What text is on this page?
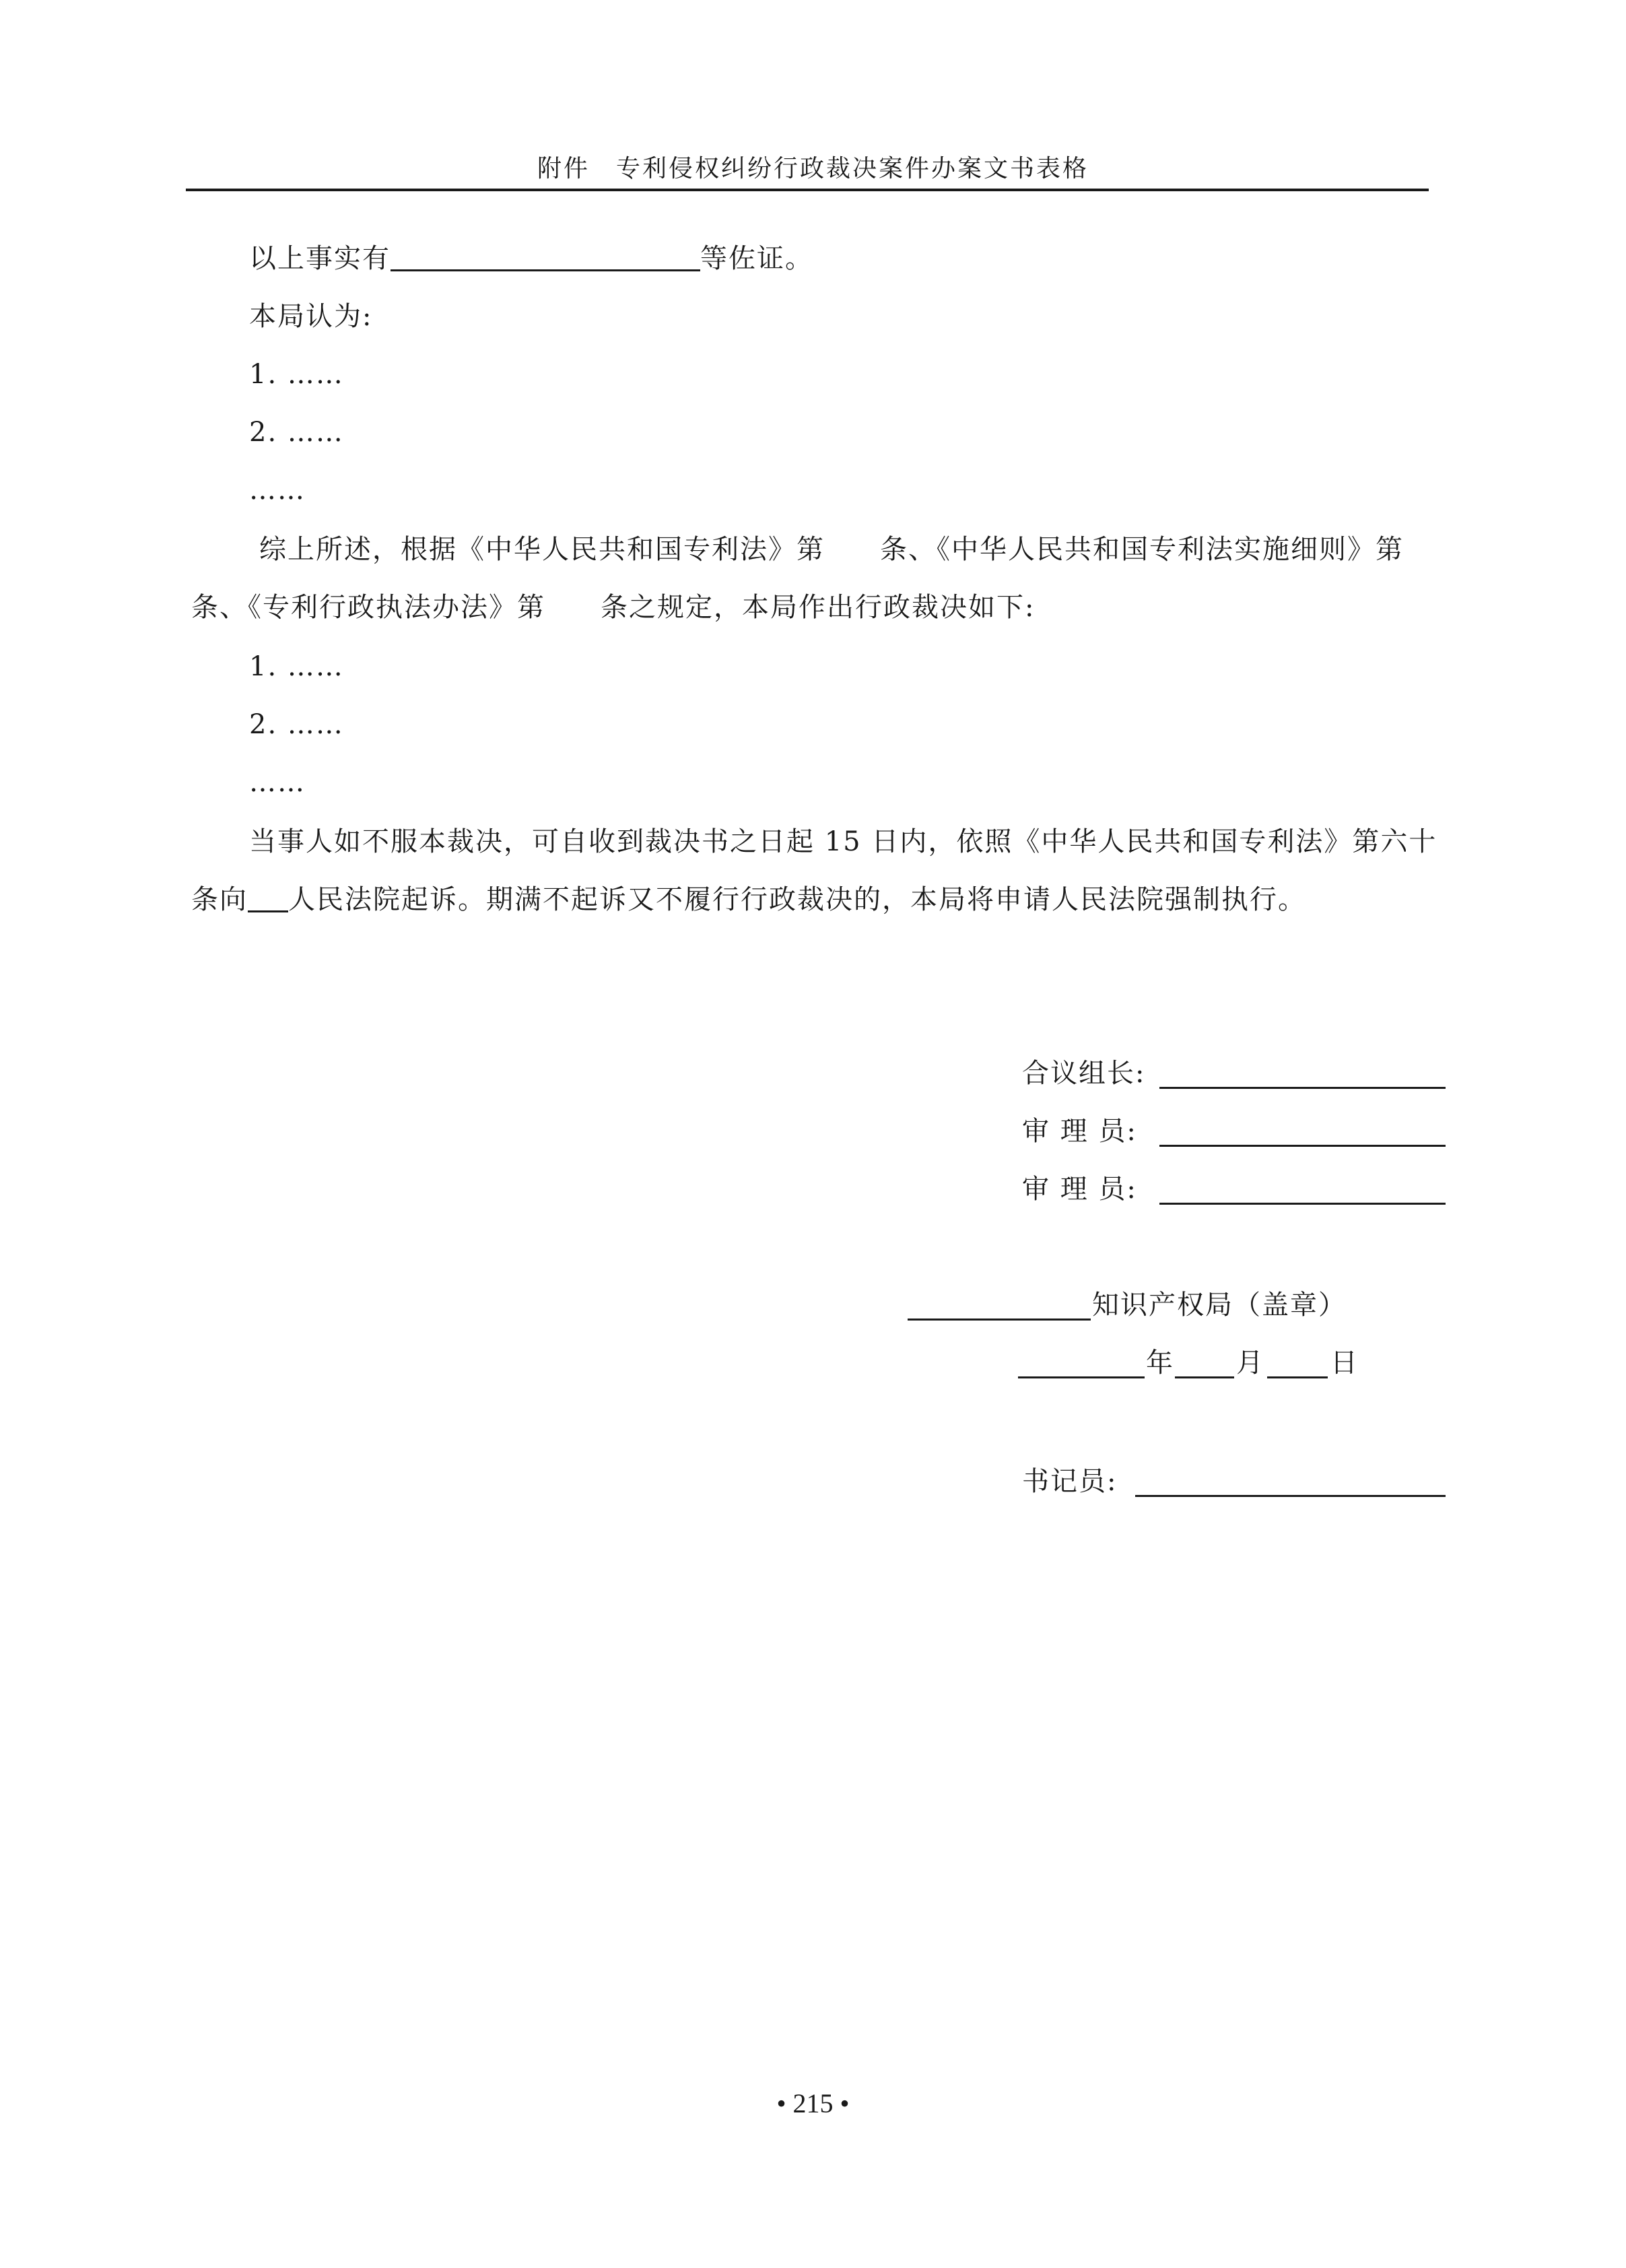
附件　专利侵权纠纷行政裁决案件办案文书表格
以上事实有	等佐证。
本局认为:
1. ……
2. ……
……
综上所述，根据《中华人民共和国专利法》第 条、《中华人民共和国专利法实施细则》第
条、《专利行政执法办法》第 条之规定，本局作出行政裁决如下:
1. ……
2. ……
……
当事人如不服本裁决，可自收到裁决书之日起 15 日内，依照《中华人民共和国专利法》第六十
条向 人民法院起诉。期满不起诉又不履行行政裁决的，本局将申请人民法院强制执行。
合议组长:
审 理 员:
审 理 员:
知识产权局（盖章）
年 月 日
书记员:
• 215 •
